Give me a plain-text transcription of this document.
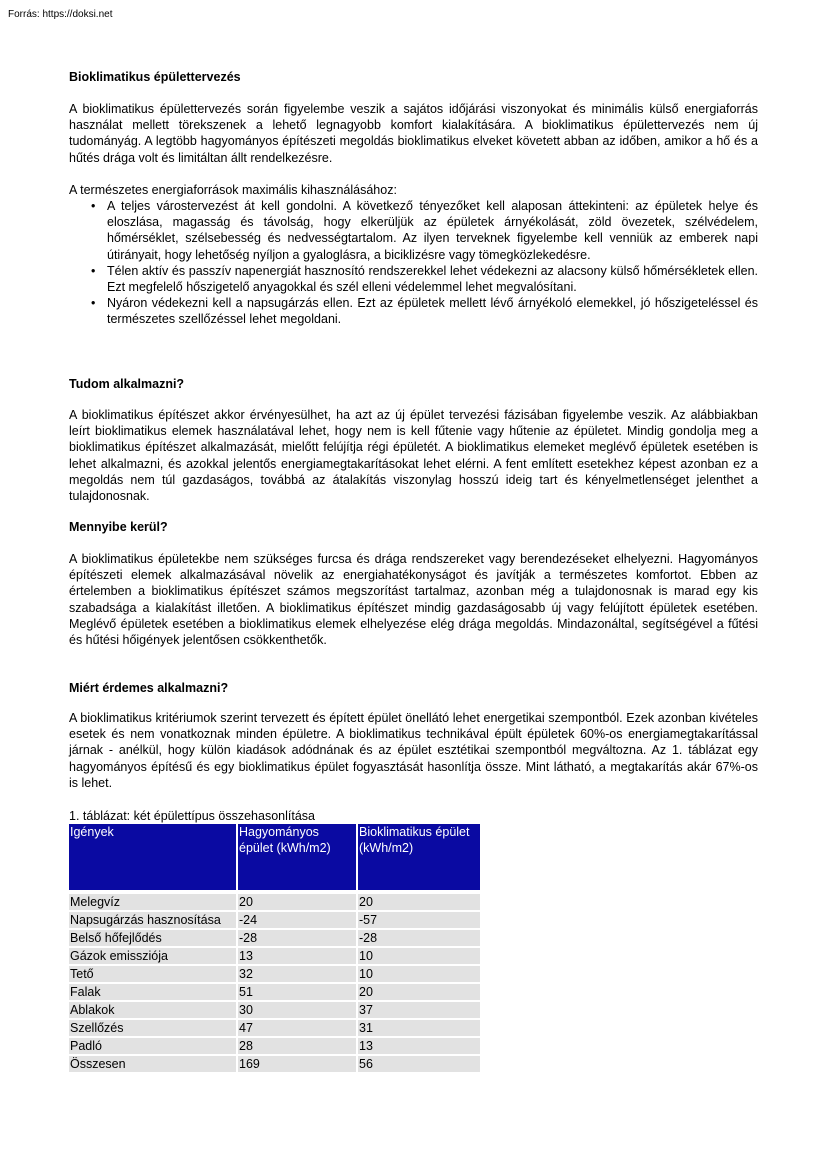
Forrás: https://doksi.net
Bioklimatikus épülettervezés

A bioklimatikus épülettervezés során figyelembe veszik a sajátos időjárási viszonyokat és minimális külső energiaforrás használat mellett törekszenek a lehető legnagyobb komfort kialakítására. A bioklimatikus épülettervezés nem új tudományág. A legtöbb hagyományos építészeti megoldás bioklimatikus elveket követett abban az időben, amikor a hő és a hűtés drága volt és limitáltan állt rendelkezésre.

A természetes energiaforrások maximális kihasználásához:

• A teljes várostervezést át kell gondolni. A következő tényezőket kell alaposan áttekinteni: az épületek helye és eloszlása, magasság és távolság, hogy elkerüljük az épületek árnyékolását, zöld övezetek, szélvédelem, hőmérséklet, szélsebesség és nedvességtartalom. Az ilyen terveknek figyelembe kell venniük az emberek napi útirányait, hogy lehetőség nyíljon a gyaloglásra, a biciklizésre vagy tömegközlekedésre.
• Télen aktív és passzív napenergiát hasznosító rendszerekkel lehet védekezni az alacsony külső hőmérsékletek ellen. Ezt megfelelő hőszigetelő anyagokkal és szél elleni védelemmel lehet megvalósítani.
• Nyáron védekezni kell a napsugárzás ellen. Ezt az épületek mellett lévő árnyékoló elemekkel, jó hőszigeteléssel és természetes szellőzéssel lehet megoldani.
Tudom alkalmazni?

A bioklimatikus építészet akkor érvényesülhet, ha azt az új épület tervezési fázisában figyelembe veszik. Az alábbiakban leírt bioklimatikus elemek használatával lehet, hogy nem is kell fűtenie vagy hűtenie az épületet. Mindig gondolja meg a bioklimatikus építészet alkalmazását, mielőtt felújítja régi épületét. A bioklimatikus elemeket meglévő épületek esetében is lehet alkalmazni, és azokkal jelentős energiamegtakarításokat lehet elérni. A fent említett esetekhez képest azonban ez a megoldás nem túl gazdaságos, továbbá az átalakítás viszonylag hosszú ideig tart és kényelmetlenséget jelenthet a tulajdonosnak.

Mennyibe kerül?

A bioklimatikus épületekbe nem szükséges furcsa és drága rendszereket vagy berendezéseket elhelyezni. Hagyományos építészeti elemek alkalmazásával növelik az energiahatékonyságot és javítják a természetes komfortot. Ebben az értelemben a bioklimatikus építészet számos megszorítást tartalmaz, azonban még a tulajdonosnak is marad egy kis szabadsága a kialakítást illetően. A bioklimatikus építészet mindig gazdaságosabb új vagy felújított épületek esetében. Meglévő épületek esetében a bioklimatikus elemek elhelyezése elég drága megoldás. Mindazonáltal, segítségével a fűtési és hűtési hőigények jelentősen csökkenthetők.

Miért érdemes alkalmazni?

A bioklimatikus kritériumok szerint tervezett és épített épület önellátó lehet energetikai szempontból. Ezek azonban kivételes esetek és nem vonatkoznak minden épületre. A bioklimatikus technikával épült épületek 60%-os energiamegtakarítással járnak - anélkül, hogy külön kiadások adódnának és az épület esztétikai szempontból megváltozna. Az 1. táblázat egy hagyományos építésű és egy bioklimatikus épület fogyasztását hasonlítja össze. Mint látható, a megtakarítás akár 67%-os is lehet.

1. táblázat: két épülettípus összehasonlítása
Igények	Hagyományos épület (kWh/m2)	Bioklimatikus épület (kWh/m2)

Melegvíz	20	20
Napsugárzás hasznosítása	-24	-57
Belső hőfejlődés	-28	-28
Gázok emissziója	13	10
Tető	32	10
Falak	51	20
Ablakok	30	37
Szellőzés	47	31
Padló	28	13
Összesen	169	56
